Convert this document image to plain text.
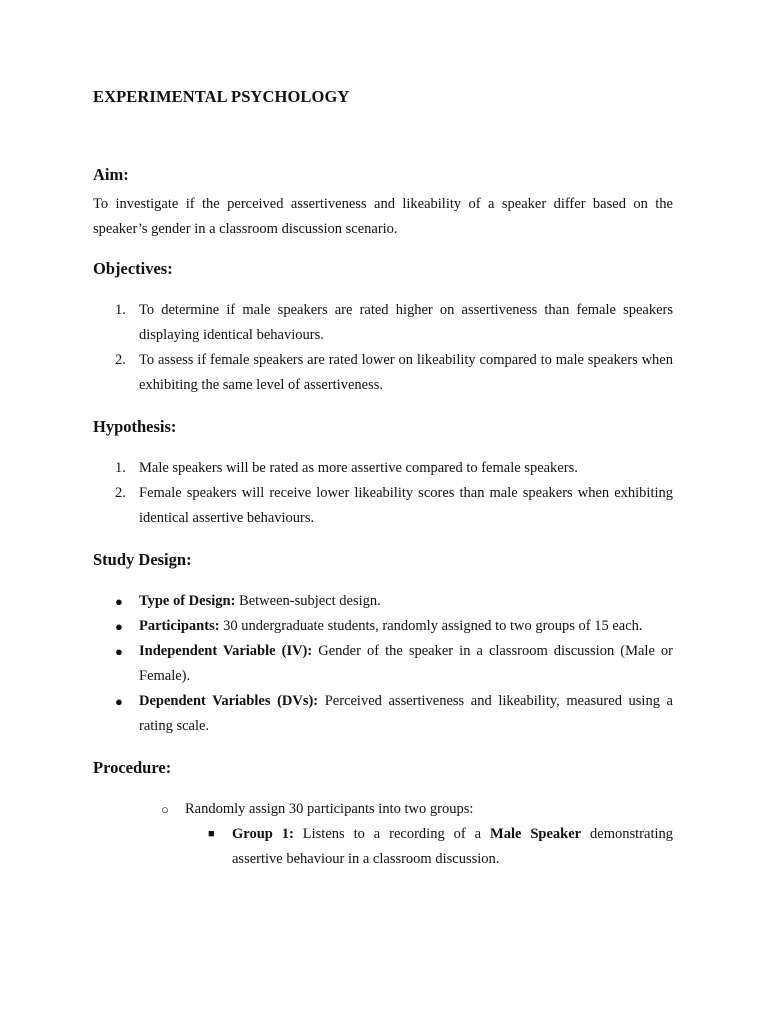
EXPERIMENTAL PSYCHOLOGY
Aim:

To investigate if the perceived assertiveness and likeability of a speaker differ based on the speaker’s gender in a classroom discussion scenario.

Objectives:
1. To determine if male speakers are rated higher on assertiveness than female speakers displaying identical behaviours.
2. To assess if female speakers are rated lower on likeability compared to male speakers when exhibiting the same level of assertiveness.
Hypothesis:
1. Male speakers will be rated as more assertive compared to female speakers.
2. Female speakers will receive lower likeability scores than male speakers when exhibiting identical assertive behaviours.
Study Design:
● Type of Design: Between-subject design.
● Participants: 30 undergraduate students, randomly assigned to two groups of 15 each.
● Independent Variable (IV): Gender of the speaker in a classroom discussion (Male or Female).
● Dependent Variables (DVs): Perceived assertiveness and likeability, measured using a rating scale.
Procedure:
○ Randomly assign 30 participants into two groups:
■ Group 1: Listens to a recording of a Male Speaker demonstrating assertive behaviour in a classroom discussion.
